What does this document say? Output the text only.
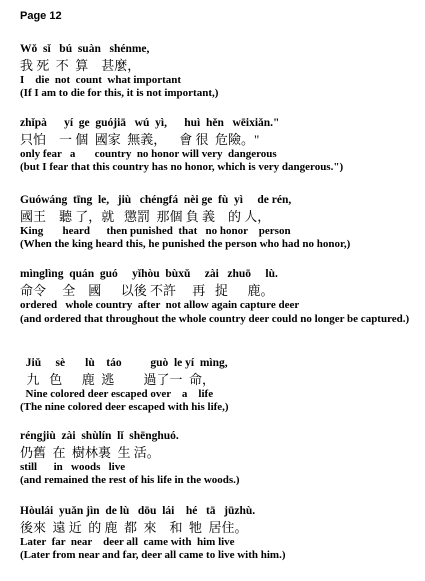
Page 12
Wǒ  sǐ   bú  suàn   shénme,
我 死  不  算    甚麼，
I    die  not  count  what important
(If I am to die for this, it is not important,)
zhǐpà      yí  ge  guójiā   wú  yì,      huì  hěn   wēixiǎn."
只怕    一 個  國家  無義，    會 很  危險。"
only fear   a       country  no honor will very  dangerous
(but I fear that this country has no honor, which is very dangerous.")
Guówáng  tīng  le,   jiù   chéngfá  nèi ge  fù  yì     de rén,
國王    聽 了，就   懲罰  那個 負 義    的 人，
King       heard      then punished  that   no honor    person
(When the king heard this, he punished the person who had no honor,)
mìnglìng  quán  guó     yǐhòu  bùxǔ     zài   zhuō     lù.
命令     全    國      以後 不許     再   捉      鹿。
ordered   whole country  after  not allow again capture deer
(and ordered that throughout the whole country deer could no longer be captured.)
Jiǔ     sè       lù    táo          guò  le yí  mìng,
九   色      鹿  逃         過了一  命，
Nine colored deer escaped over    a    life
(The nine colored deer escaped with his life,)
réngjiù  zài  shùlín  lǐ  shēnghuó.
仍舊  在  樹林裏  生 活。
still      in   woods   live
(and remained the rest of his life in the woods.)
Hòulái  yuǎn jìn  de lù   dōu  lái    hé   tā   jūzhù.
後來  遠 近  的 鹿  都  來    和  牠  居住。
Later  far  near    deer all  came with  him live
(Later from near and far, deer all came to live with him.)
